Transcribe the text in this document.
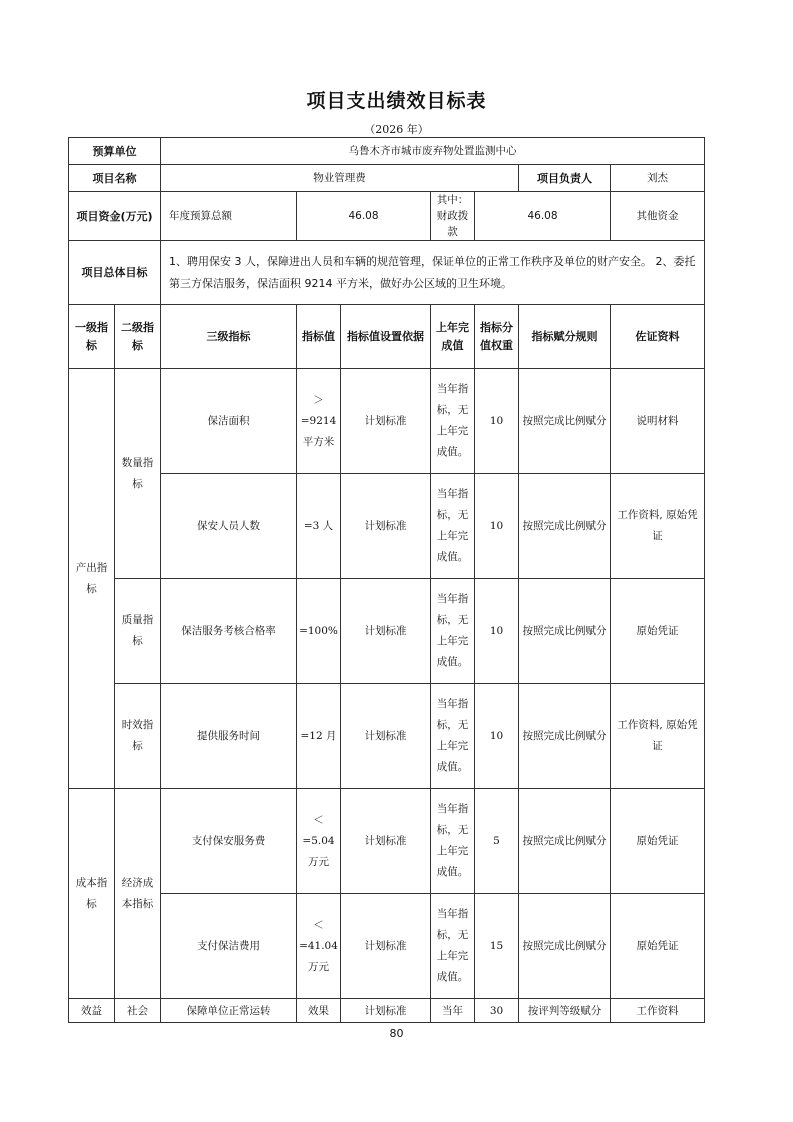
项目支出绩效目标表
（2026 年）
预算单位		乌鲁木齐市城市废弃物处置监测中心						
项目名称		物业管理费					项目负责人	刘杰
项目资金(万元)		年度预算总额	46.08		其中：财政拨款	46.08		其他资金
项目总体目标		1、聘用保安 3 人，保障进出人员和车辆的规范管理，保证单位的正常工作秩序及单位的财产安全。 2、委托第三方保洁服务，保洁面积 9214 平方米，做好办公区域的卫生环境。						
一级指标	二级指标	三级指标	指标值	指标值设置依据	上年完成值	指标分值权重	指标赋分规则	佐证资料
产出指标	数量指标	保洁面积	＞=9214平方米	计划标准	当年指标，无上年完成值。	10	按照完成比例赋分	说明材料
		保安人员人数	=3 人	计划标准	当年指标，无上年完成值。	10	按照完成比例赋分	工作资料, 原始凭证
	质量指标	保洁服务考核合格率	=100%	计划标准	当年指标，无上年完成值。	10	按照完成比例赋分	原始凭证
	时效指标	提供服务时间	=12 月	计划标准	当年指标，无上年完成值。	10	按照完成比例赋分	工作资料, 原始凭证
成本指标	经济成本指标	支付保安服务费	＜=5.04万元	计划标准	当年指标，无上年完成值。	5	按照完成比例赋分	原始凭证
		支付保洁费用	＜=41.04 万元	计划标准	当年指标，无上年完成值。	15	按照完成比例赋分	原始凭证
效益	社会	保障单位正常运转	效果	计划标准	当年	30	按评判等级赋分	工作资料
80
